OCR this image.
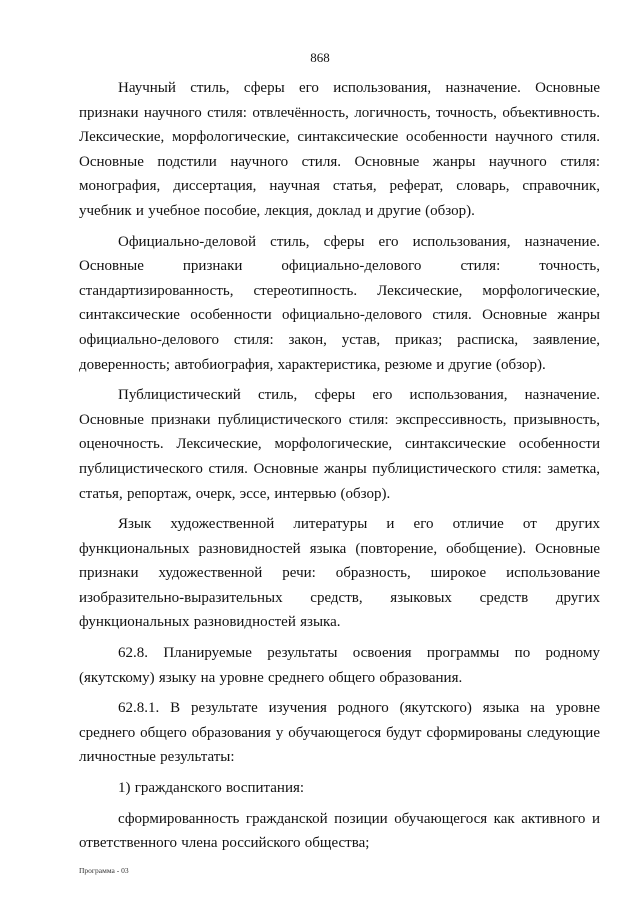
868

Научный стиль, сферы его использования, назначение. Основные признаки научного стиля: отвлечённость, логичность, точность, объективность. Лексические, морфологические, синтаксические особенности научного стиля. Основные подстили научного стиля. Основные жанры научного стиля: монография, диссертация, научная статья, реферат, словарь, справочник, учебник и учебное пособие, лекция, доклад и другие (обзор).

Официально-деловой стиль, сферы его использования, назначение. Основные признаки официально-делового стиля: точность, стандартизированность, стереотипность. Лексические, морфологические, синтаксические особенности официально-делового стиля. Основные жанры официально-делового стиля: закон, устав, приказ; расписка, заявление, доверенность; автобиография, характеристика, резюме и другие (обзор).

Публицистический стиль, сферы его использования, назначение. Основные признаки публицистического стиля: экспрессивность, призывность, оценочность. Лексические, морфологические, синтаксические особенности публицистического стиля. Основные жанры публицистического стиля: заметка, статья, репортаж, очерк, эссе, интервью (обзор).

Язык художественной литературы и его отличие от других функциональных разновидностей языка (повторение, обобщение). Основные признаки художественной речи: образность, широкое использование изобразительно-выразительных средств, языковых средств других функциональных разновидностей языка.

62.8. Планируемые результаты освоения программы по родному (якутскому) языку на уровне среднего общего образования.

62.8.1. В результате изучения родного (якутского) языка на уровне среднего общего образования у обучающегося будут сформированы следующие личностные результаты:

1) гражданского воспитания:

сформированность гражданской позиции обучающегося как активного и ответственного члена российского общества;

Программа - 03
